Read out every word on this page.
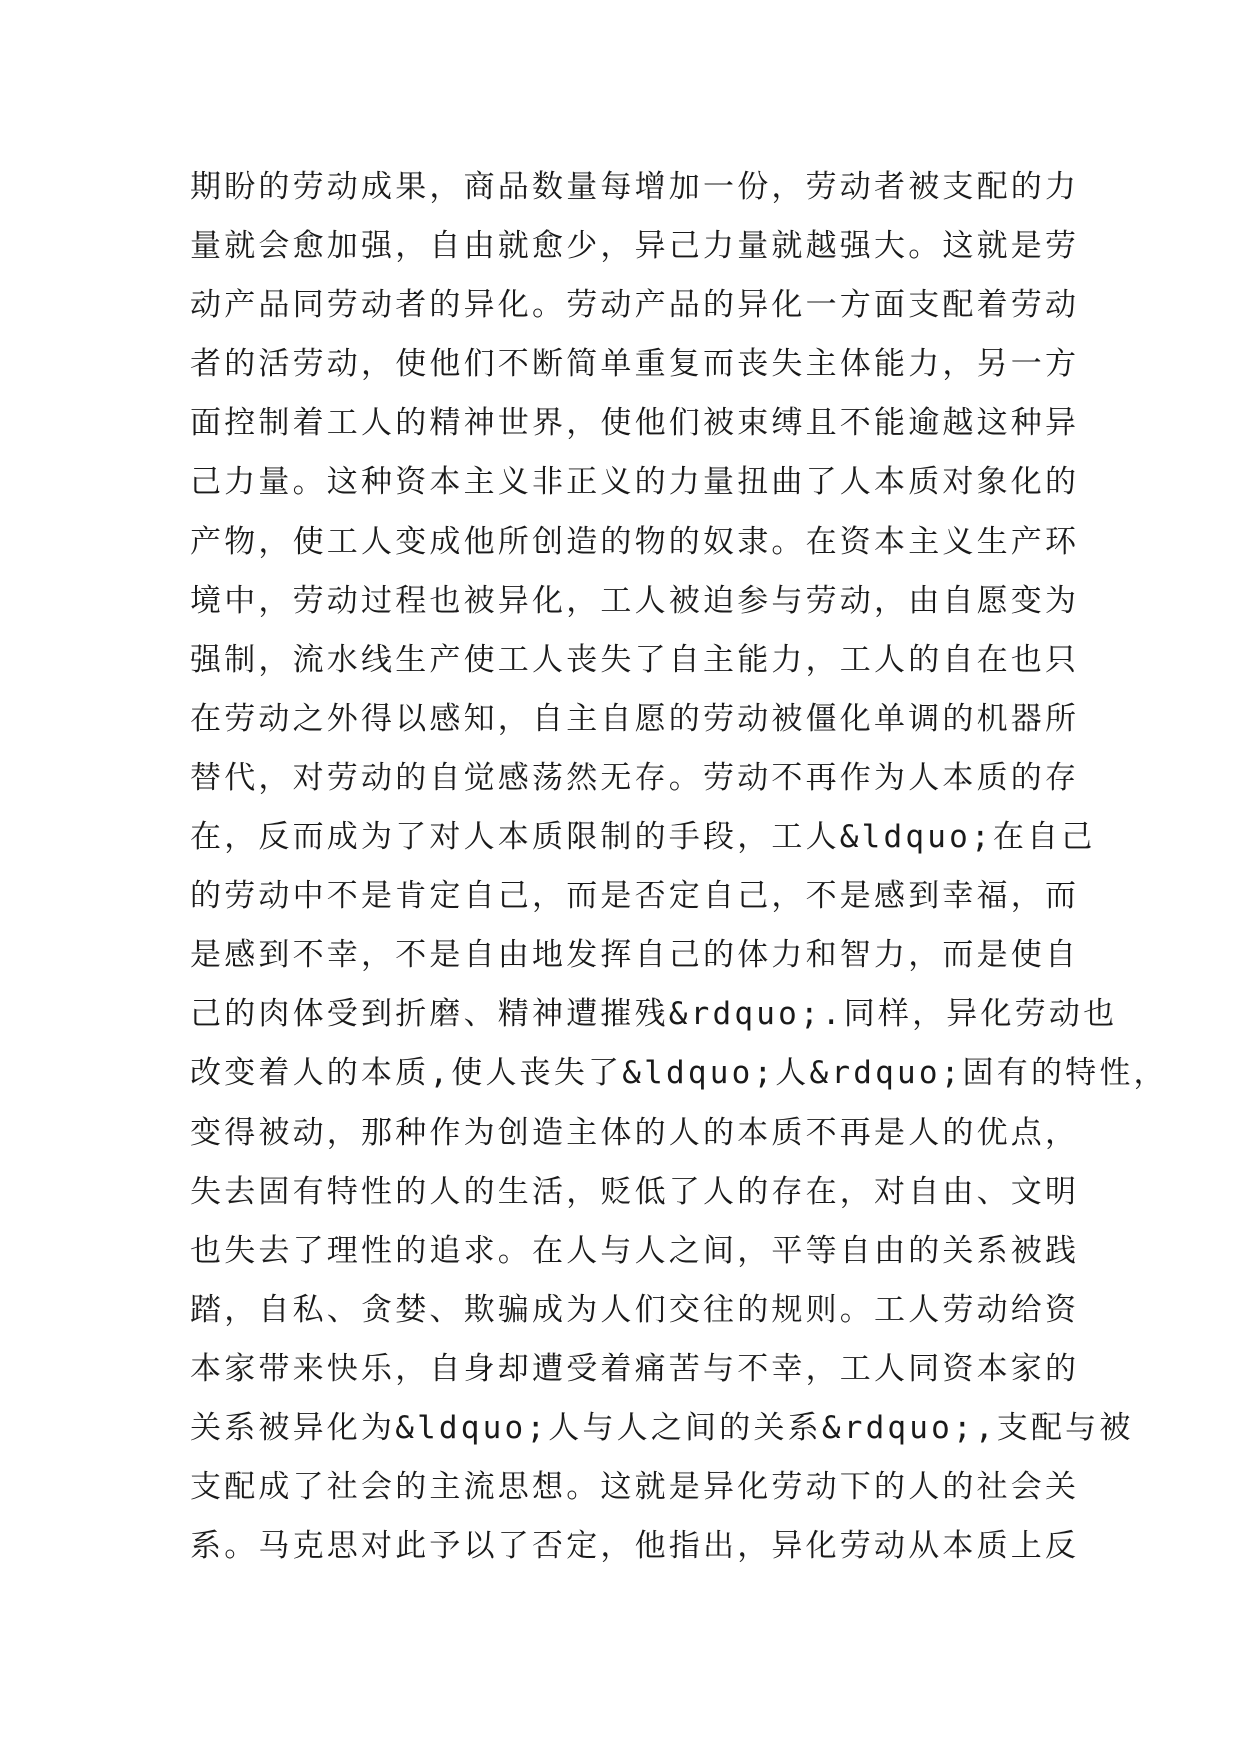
期盼的劳动成果，商品数量每增加一份，劳动者被支配的力
量就会愈加强，自由就愈少，异己力量就越强大。这就是劳
动产品同劳动者的异化。劳动产品的异化一方面支配着劳动
者的活劳动，使他们不断简单重复而丧失主体能力，另一方
面控制着工人的精神世界，使他们被束缚且不能逾越这种异
己力量。这种资本主义非正义的力量扭曲了人本质对象化的
产物，使工人变成他所创造的物的奴隶。在资本主义生产环
境中，劳动过程也被异化，工人被迫参与劳动，由自愿变为
强制，流水线生产使工人丧失了自主能力，工人的自在也只
在劳动之外得以感知，自主自愿的劳动被僵化单调的机器所
替代，对劳动的自觉感荡然无存。劳动不再作为人本质的存
在，反而成为了对人本质限制的手段，工人&ldquo;在自己
的劳动中不是肯定自己，而是否定自己，不是感到幸福，而
是感到不幸，不是自由地发挥自己的体力和智力，而是使自
己的肉体受到折磨、精神遭摧残&rdquo;.同样，异化劳动也
改变着人的本质,使人丧失了&ldquo;人&rdquo;固有的特性，
变得被动，那种作为创造主体的人的本质不再是人的优点，
失去固有特性的人的生活，贬低了人的存在，对自由、文明
也失去了理性的追求。在人与人之间，平等自由的关系被践
踏，自私、贪婪、欺骗成为人们交往的规则。工人劳动给资
本家带来快乐，自身却遭受着痛苦与不幸，工人同资本家的
关系被异化为&ldquo;人与人之间的关系&rdquo;,支配与被
支配成了社会的主流思想。这就是异化劳动下的人的社会关
系。马克思对此予以了否定，他指出，异化劳动从本质上反
